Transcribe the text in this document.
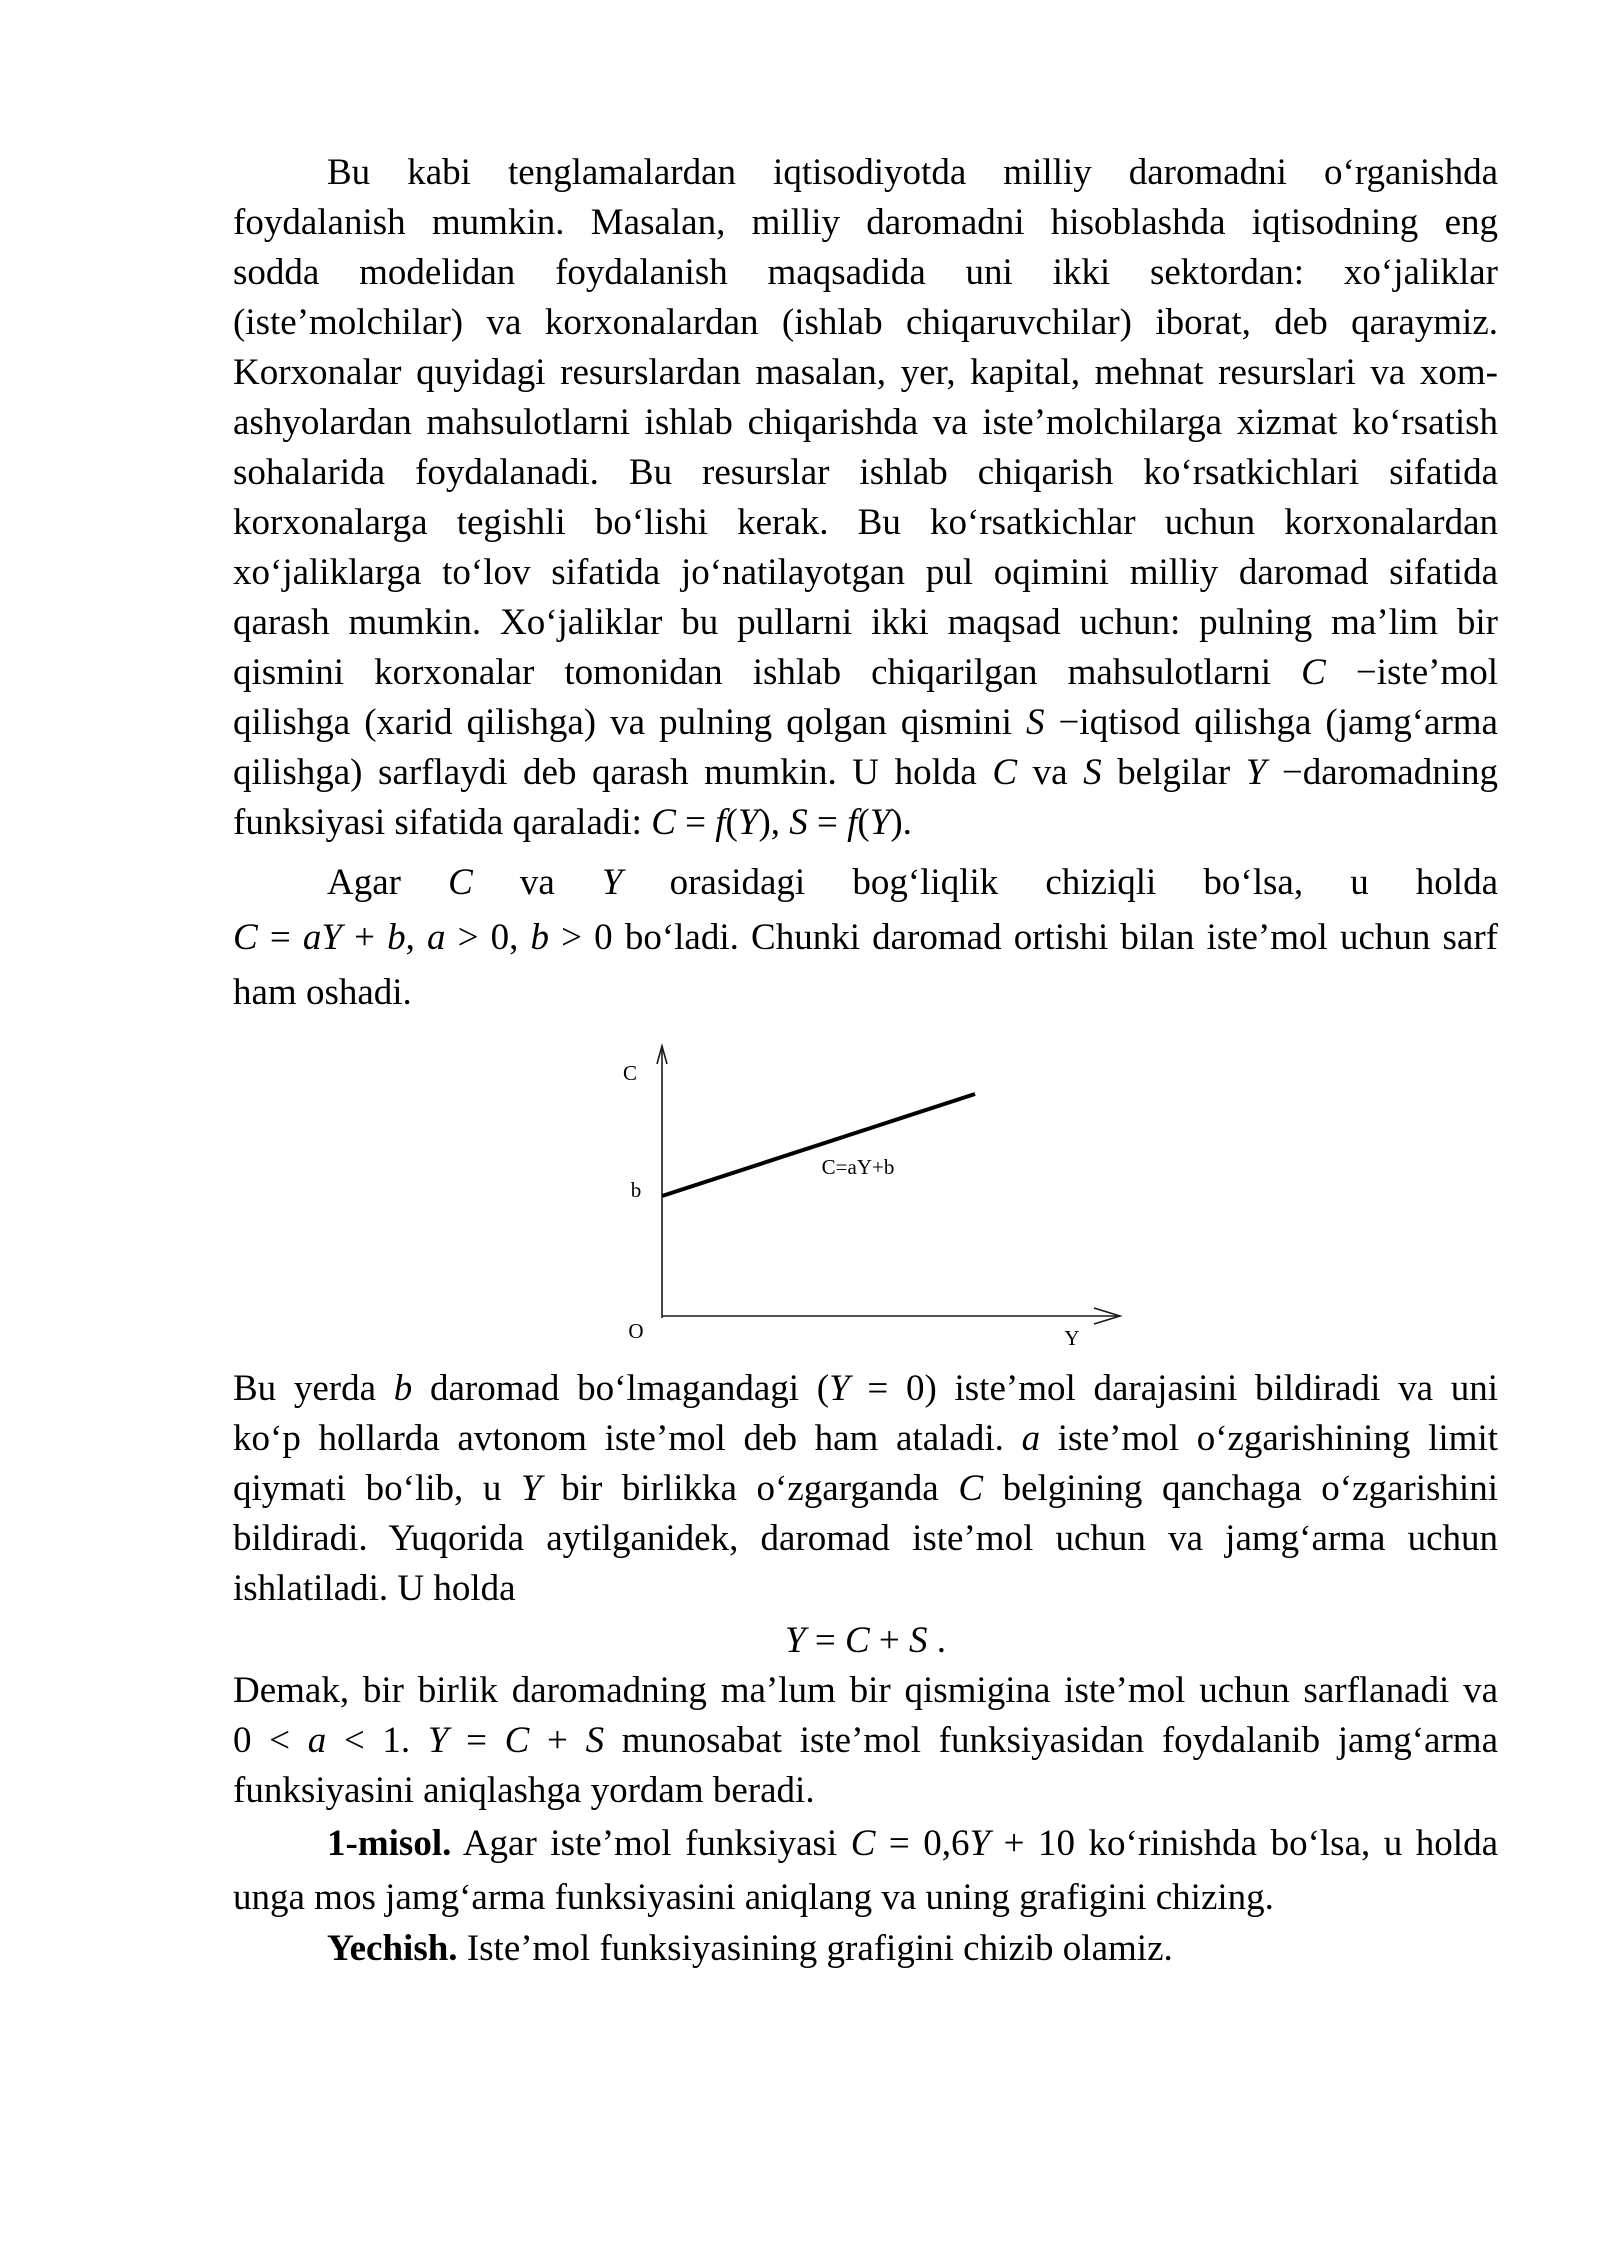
Bu kabi tenglamalardan iqtisodiyotda milliy daromadni o‘rganishda
foydalanish mumkin. Masalan, milliy daromadni hisoblashda iqtisodning eng
sodda modelidan foydalanish maqsadida uni ikki sektordan: xo‘jaliklar
(iste’molchilar) va korxonalardan (ishlab chiqaruvchilar) iborat, deb qaraymiz.
Korxonalar quyidagi resurslardan masalan, yer, kapital, mehnat resurslari va xom-
ashyolardan mahsulotlarni ishlab chiqarishda va iste’molchilarga xizmat ko‘rsatish
sohalarida foydalanadi. Bu resurslar ishlab chiqarish ko‘rsatkichlari sifatida
korxonalarga tegishli bo‘lishi kerak. Bu ko‘rsatkichlar uchun korxonalardan
xo‘jaliklarga to‘lov sifatida jo‘natilayotgan pul oqimini milliy daromad sifatida
qarash mumkin. Xo‘jaliklar bu pullarni ikki maqsad uchun: pulning ma’lim bir
qismini korxonalar tomonidan ishlab chiqarilgan mahsulotlarni C −iste’mol
qilishga (xarid qilishga) va pulning qolgan qismini S −iqtisod qilishga (jamg‘arma
qilishga) sarflaydi deb qarash mumkin. U holda C va S belgilar Y −daromadning
funksiyasi sifatida qaraladi: C = f(Y), S = f(Y).
Agar C va Y orasidagi bog‘liqlik chiziqli bo‘lsa, u holda
C = aY + b, a > 0, b > 0 bo‘ladi. Chunki daromad ortishi bilan iste’mol uchun sarf
ham oshadi.
C
b
O	Y
C=aY+b
Bu yerda b daromad bo‘lmagandagi (Y = 0) iste’mol darajasini bildiradi va uni
ko‘p hollarda avtonom iste’mol deb ham ataladi. a iste’mol o‘zgarishining limit
qiymati bo‘lib, u Y bir birlikka o‘zgarganda C belgining qanchaga o‘zgarishini
bildiradi. Yuqorida aytilganidek, daromad iste’mol uchun va jamg‘arma uchun
ishlatiladi. U holda
Y = C + S .
Demak, bir birlik daromadning ma’lum bir qismigina iste’mol uchun sarflanadi va
0 < a < 1. Y = C + S munosabat iste’mol funksiyasidan foydalanib jamg‘arma
funksiyasini aniqlashga yordam beradi.
1-misol. Agar iste’mol funksiyasi C = 0,6Y + 10 ko‘rinishda bo‘lsa, u holda
unga mos jamg‘arma funksiyasini aniqlang va uning grafigini chizing.
Yechish. Iste’mol funksiyasining grafigini chizib olamiz.
